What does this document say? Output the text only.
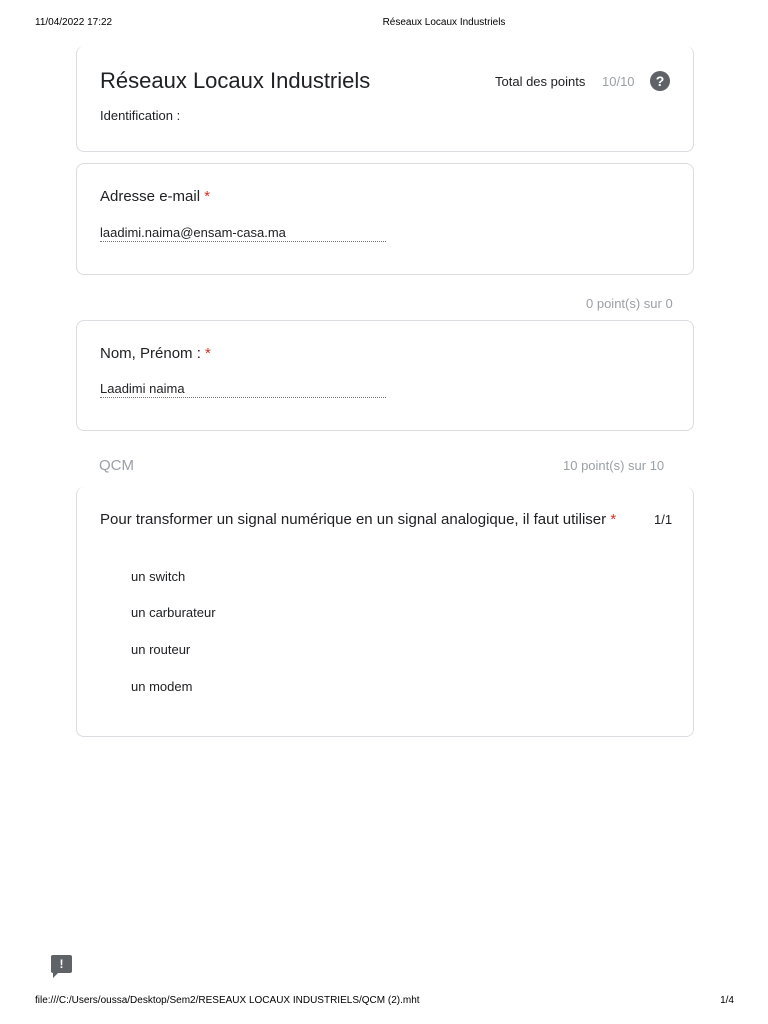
11/04/2022 17:22	Réseaux Locaux Industriels
Réseaux Locaux Industriels
Identification :
Total des points 10/10	?
Adresse e-mail *
laadimi.naima@ensam-casa.ma
0 point(s) sur 0
Nom, Prénom : *
Laadimi naima
QCM	10 point(s) sur 10
Pour transformer un signal numérique en un signal analogique, il faut utiliser *	1/1
un switch
un carburateur
un routeur
un modem
!
file:///C:/Users/oussa/Desktop/Sem2/RESEAUX LOCAUX INDUSTRIELS/QCM (2).mht	1/4
